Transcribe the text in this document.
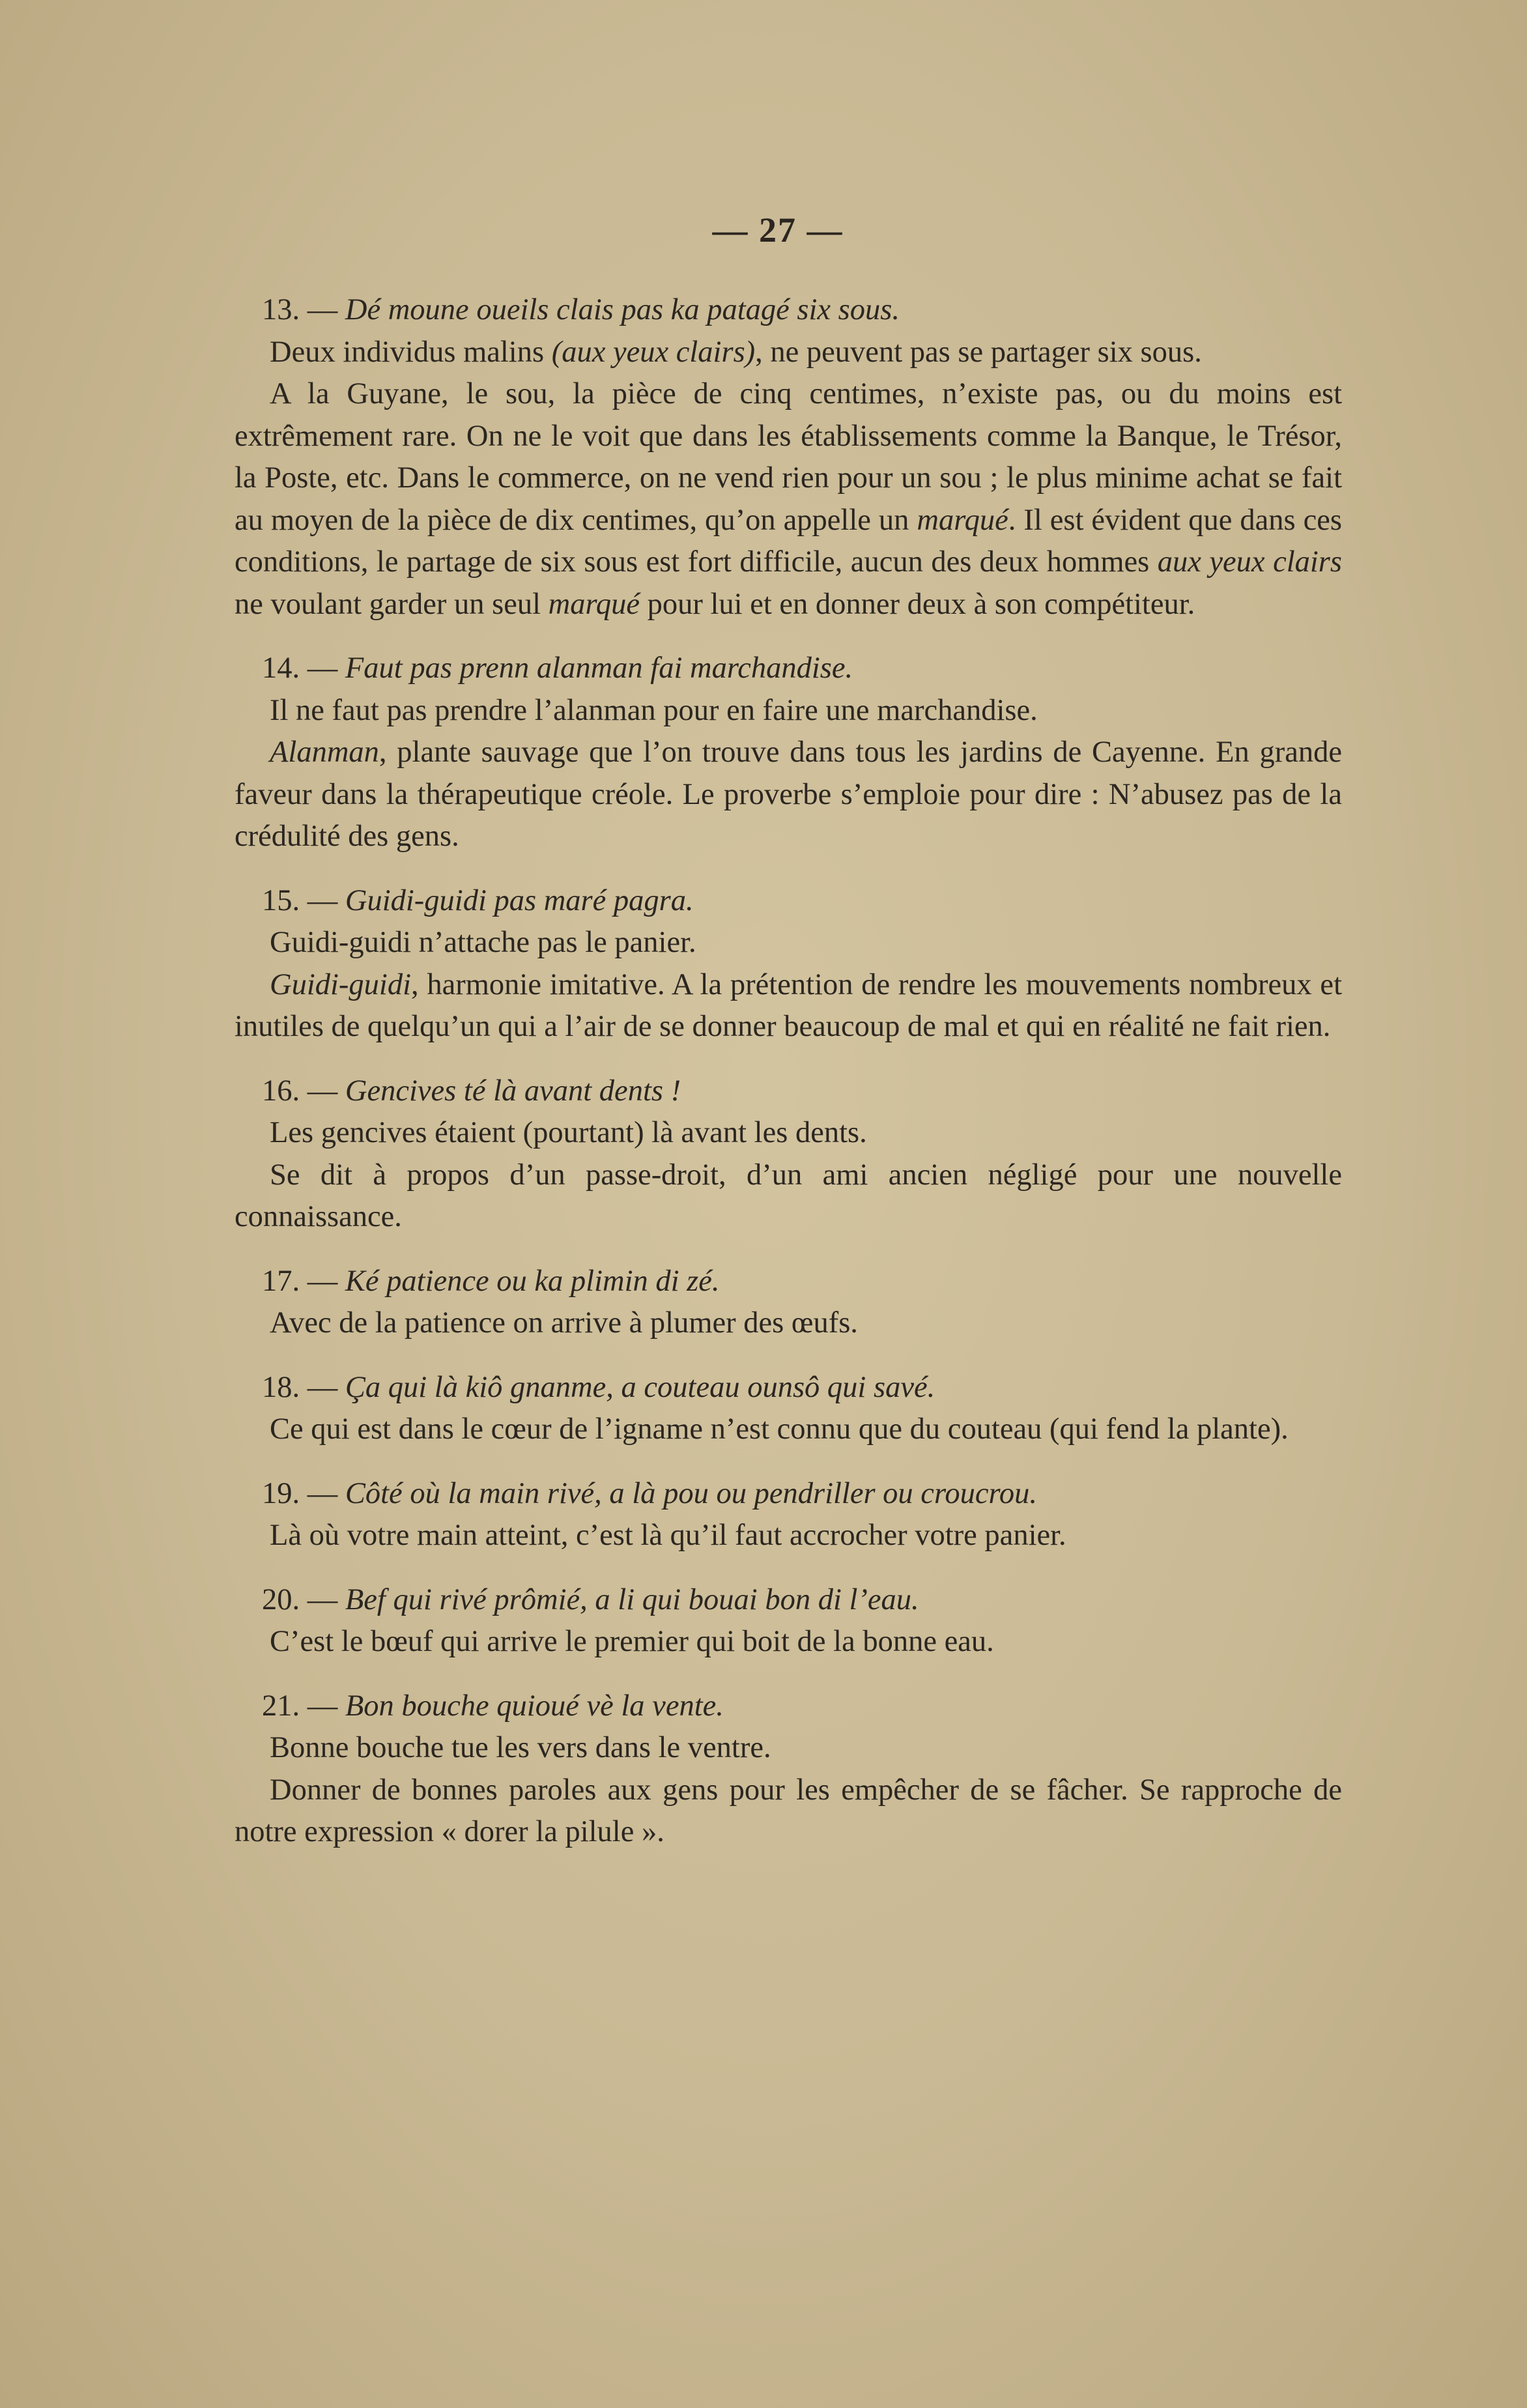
— 27 —

13. — Dé moune oueils clais pas ka patagé six sous.

Deux individus malins (aux yeux clairs), ne peuvent pas se partager six sous.

A la Guyane, le sou, la pièce de cinq centimes, n’existe pas, ou du moins est extrêmement rare. On ne le voit que dans les établissements comme la Banque, le Trésor, la Poste, etc. Dans le commerce, on ne vend rien pour un sou ; le plus minime achat se fait au moyen de la pièce de dix centimes, qu’on appelle un marqué. Il est évident que dans ces conditions, le partage de six sous est fort difficile, aucun des deux hommes aux yeux clairs ne voulant garder un seul marqué pour lui et en donner deux à son compétiteur.

14. — Faut pas prenn alanman fai marchandise.

Il ne faut pas prendre l’alanman pour en faire une marchandise.

Alanman, plante sauvage que l’on trouve dans tous les jardins de Cayenne. En grande faveur dans la thérapeutique créole. Le proverbe s’emploie pour dire : N’abusez pas de la crédulité des gens.

15. — Guidi-guidi pas maré pagra.

Guidi-guidi n’attache pas le panier.

Guidi-guidi, harmonie imitative. A la prétention de rendre les mouvements nombreux et inutiles de quelqu’un qui a l’air de se donner beaucoup de mal et qui en réalité ne fait rien.

16. — Gencives té là avant dents !

Les gencives étaient (pourtant) là avant les dents.

Se dit à propos d’un passe-droit, d’un ami ancien négligé pour une nouvelle connaissance.

17. — Ké patience ou ka plimin di zé.

Avec de la patience on arrive à plumer des œufs.

18. — Ça qui là kiô gnanme, a couteau ounsô qui savé.

Ce qui est dans le cœur de l’igname n’est connu que du couteau (qui fend la plante).

19. — Côté où la main rivé, a là pou ou pendriller ou croucrou.

Là où votre main atteint, c’est là qu’il faut accrocher votre panier.

20. — Bef qui rivé prômié, a li qui bouai bon di l’eau.

C’est le bœuf qui arrive le premier qui boit de la bonne eau.

21. — Bon bouche quioué vè la vente.

Bonne bouche tue les vers dans le ventre.

Donner de bonnes paroles aux gens pour les empêcher de se fâcher. Se rapproche de notre expression « dorer la pilule ».
